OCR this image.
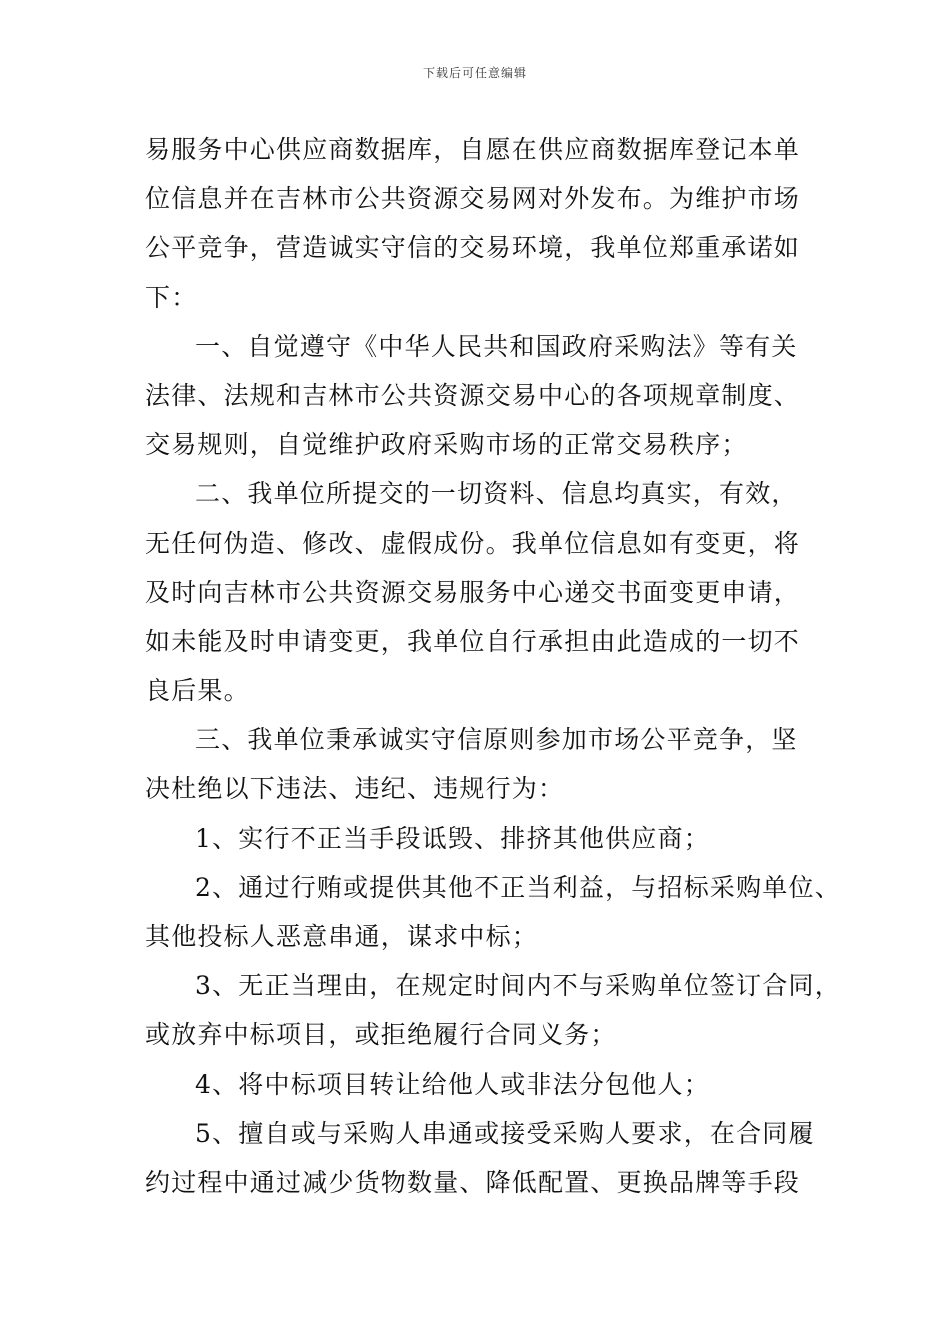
下载后可任意编辑
易服务中心供应商数据库，自愿在供应商数据库登记本单
位信息并在吉林市公共资源交易网对外发布。为维护市场
公平竞争，营造诚实守信的交易环境，我单位郑重承诺如
下：
一、自觉遵守《中华人民共和国政府采购法》等有关
法律、法规和吉林市公共资源交易中心的各项规章制度、
交易规则，自觉维护政府采购市场的正常交易秩序；
二、我单位所提交的一切资料、信息均真实，有效，
无任何伪造、修改、虚假成份。我单位信息如有变更，将
及时向吉林市公共资源交易服务中心递交书面变更申请，
如未能及时申请变更，我单位自行承担由此造成的一切不
良后果。
三、我单位秉承诚实守信原则参加市场公平竞争，坚
决杜绝以下违法、违纪、违规行为：
1、实行不正当手段诋毁、排挤其他供应商；
2、通过行贿或提供其他不正当利益，与招标采购单位、
其他投标人恶意串通，谋求中标；
3、无正当理由，在规定时间内不与采购单位签订合同，
或放弃中标项目，或拒绝履行合同义务；
4、将中标项目转让给他人或非法分包他人；
5、擅自或与采购人串通或接受采购人要求，在合同履
约过程中通过减少货物数量、降低配置、更换品牌等手段
